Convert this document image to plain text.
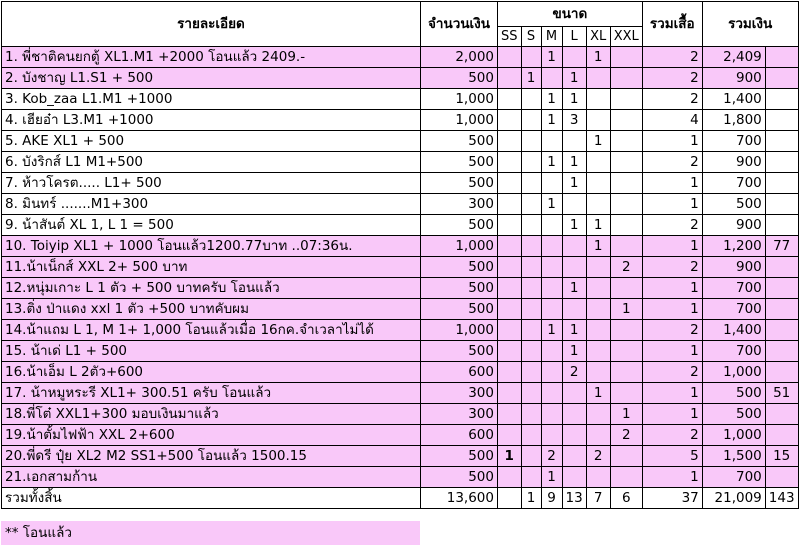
รายละเอียด	จำนวนเงิน	ขนาด						รวมเสื้อ	รวมเงิน	
		SS	S	M	L	XL	XXL			
1. พี่ชาติคนยกตู้ XL1.M1 +2000 โอนแล้ว 2409.-	2,000			1		1		2	2,409	
2. บังชาญ L1.S1 + 500	500		1		1			2	900	
3. Kob_zaa L1.M1 +1000	1,000			1	1			2	1,400	
4. เฮียอ๋า L3.M1 +1000	1,000			1	3			4	1,800	
5. AKE XL1 + 500	500					1		1	700	
6. บังริกส์ L1 M1+500	500			1	1			2	900	
7. ห้าวโครต..... L1+ 500	500				1			1	700	
8. มินทร์ .......M1+300	300			1				1	500	
9. น้าสันต์ XL 1, L 1 = 500	500				1	1		2	900	
10. Toiyip XL1 + 1000 โอนแล้ว1200.77บาท ..07:36น.	1,000					1		1	1,200	77
11.น้าเน็กส์ XXL 2+ 500 บาท	500						2	2	900	
12.หนุ่มเกาะ L 1 ตัว + 500 บาทครับ โอนแล้ว	500				1			1	700	
13.ติ่ง ป่าแดง xxl 1 ตัว +500 บาทคับผม	500						1	1	700	
14.น้าแถม L 1, M 1+ 1,000 โอนแล้วเมื่อ 16กค.จำเวลาไม่ได้	1,000			1	1			2	1,400	
15. น้าเด่ L1 + 500	500				1			1	700	
16.น้าเอ็ม L 2ตัว+600	600				2			2	1,000	
17. น้าหมูหระรี XL1+ 300.51 ครับ โอนแล้ว	300					1		1	500	51
18.พี่โต๋ XXL1+300 มอบเงินมาแล้ว	300						1	1	500	
19.น้าตั้มไฟฟ้า XXL 2+600	600						2	2	1,000	
20.พี่ดรี ปุ๋ย XL2 M2 SS1+500 โอนแล้ว 1500.15	500	1		2		2		5	1,500	15
21.เอกสามก้าน	500			1				1	700	
รวมทั้งสิ้น	13,600		1	9	13	7	6	37	21,009	143
** โอนแล้ว
